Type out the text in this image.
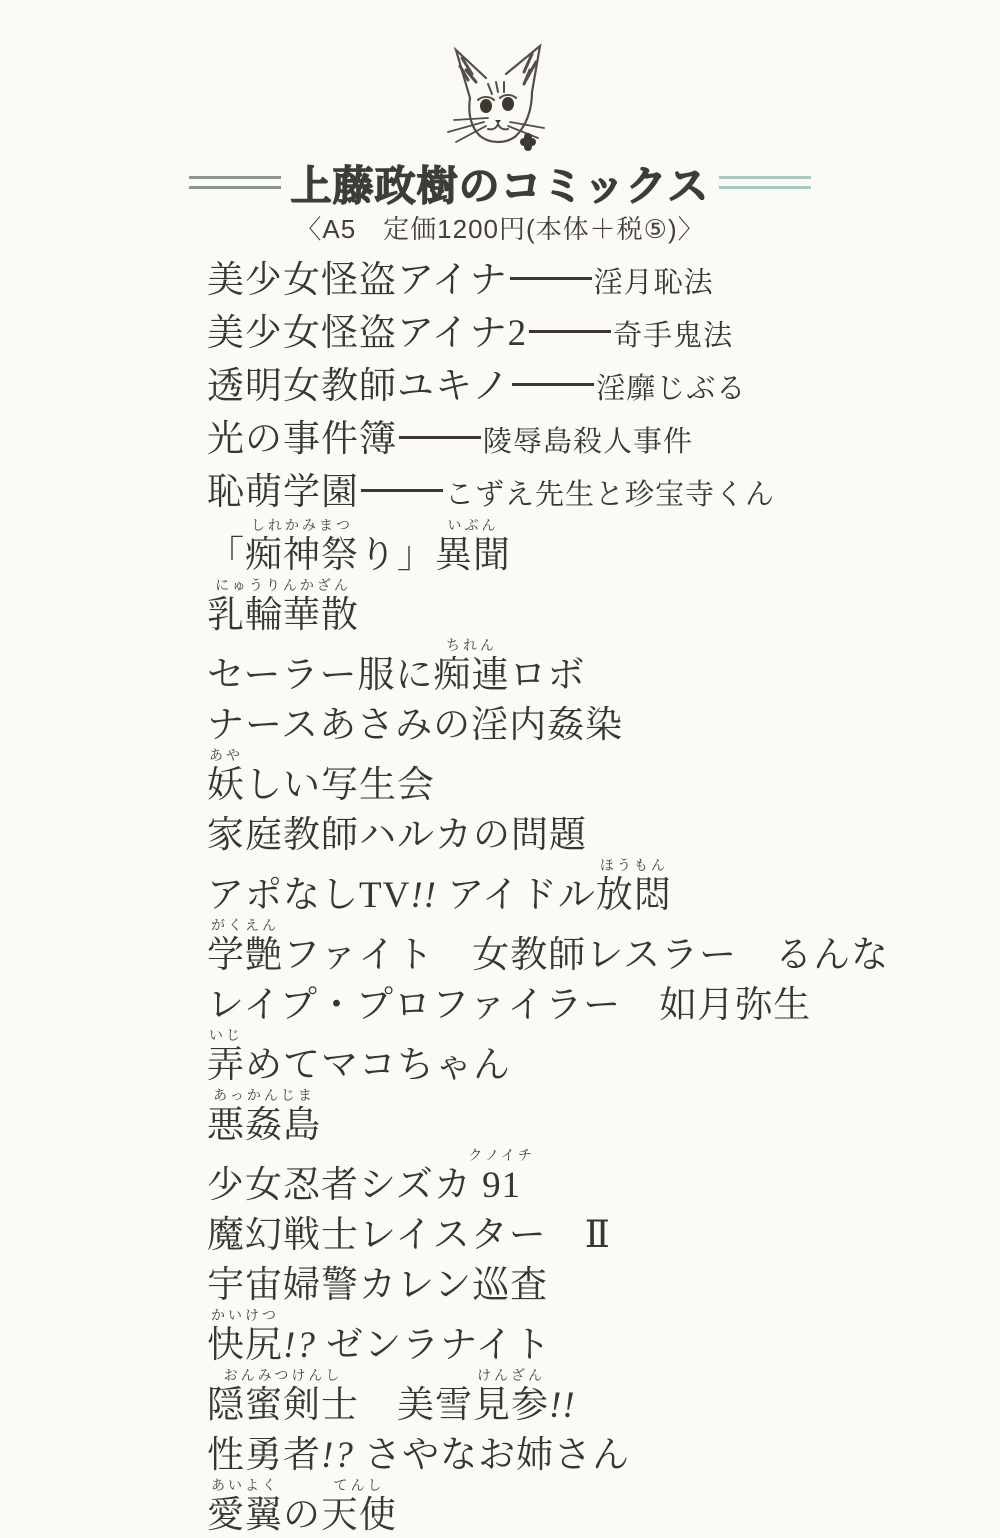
上藤政樹のコミックス
〈A5　定価1200円(本体＋税⑤)〉
美少女怪盗アイナ	淫月恥法
美少女怪盗アイナ2	奇手鬼法
透明女教師ユキノ	淫靡じぶる
光の事件簿	陵辱島殺人事件
恥萌学園	こずえ先生と珍宝寺くん
「痴神祭
しれかみまつ
り」異聞
いぶん
乳輪華散
にゅうりんかざん
セーラー服に痴連
ちれん
ロボ
ナースあさみの淫内姦染
妖
あや
しい写生会
家庭教師ハルカの問題
アポなしTV!! アイドル放悶
ほうもん
学艶
がくえん
ファイト　女教師レスラー　るんな
レイプ・プロファイラー　如月弥生
弄
いじ
めてマコちゃん
悪姦島
あっかんじま
少女忍者シズカ 91
クノイチ
魔幻戦士レイスター　Ⅱ
宇宙婦警カレン巡査
快尻
かいけつ
!? ゼンラナイト
隠蜜剣士
おんみつけんし
　美雪見参
けんざん
!!
性勇者!? さやなお姉さん
愛翼
あいよく
の天使
てんし
